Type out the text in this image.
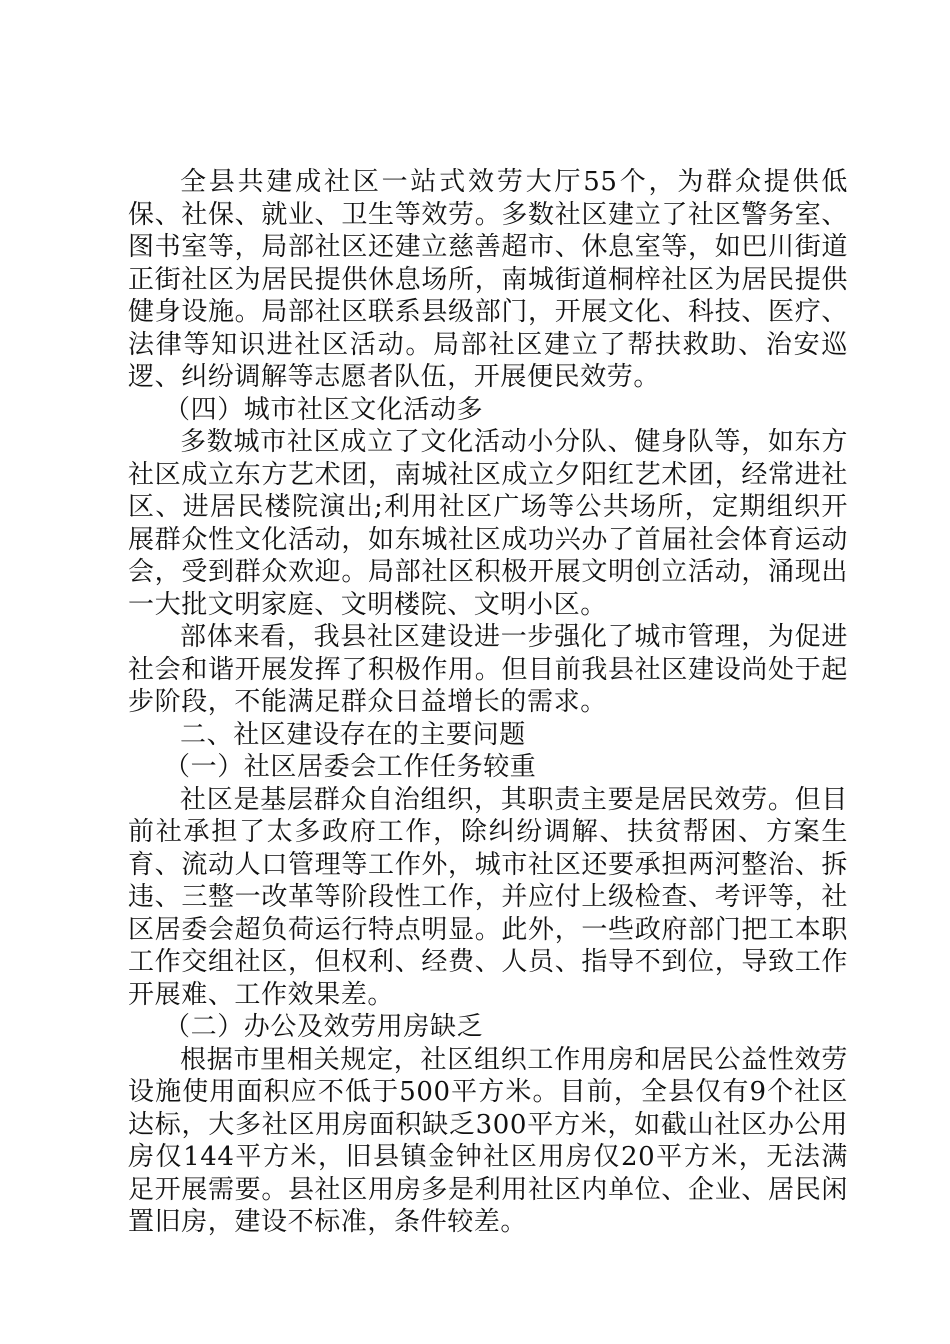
全县共建成社区一站式效劳大厅55个，为群众提供低保、社保、就业、卫生等效劳。多数社区建立了社区警务室、图书室等，局部社区还建立慈善超市、休息室等，如巴川街道正街社区为居民提供休息场所，南城街道桐梓社区为居民提供健身设施。局部社区联系县级部门，开展文化、科技、医疗、法律等知识进社区活动。局部社区建立了帮扶救助、治安巡逻、纠纷调解等志愿者队伍，开展便民效劳。

（四）城市社区文化活动多

多数城市社区成立了文化活动小分队、健身队等，如东方社区成立东方艺术团，南城社区成立夕阳红艺术团，经常进社区、进居民楼院演出;利用社区广场等公共场所，定期组织开展群众性文化活动，如东城社区成功兴办了首届社会体育运动会，受到群众欢迎。局部社区积极开展文明创立活动，涌现出一大批文明家庭、文明楼院、文明小区。

部体来看，我县社区建设进一步强化了城市管理，为促进社会和谐开展发挥了积极作用。但目前我县社区建设尚处于起步阶段，不能满足群众日益增长的需求。

二、社区建设存在的主要问题

（一）社区居委会工作任务较重

社区是基层群众自治组织，其职责主要是居民效劳。但目前社承担了太多政府工作，除纠纷调解、扶贫帮困、方案生育、流动人口管理等工作外，城市社区还要承担两河整治、拆违、三整一改革等阶段性工作，并应付上级检查、考评等，社区居委会超负荷运行特点明显。此外，一些政府部门把工本职工作交组社区，但权利、经费、人员、指导不到位，导致工作开展难、工作效果差。

（二）办公及效劳用房缺乏

根据市里相关规定，社区组织工作用房和居民公益性效劳设施使用面积应不低于500平方米。目前，全县仅有9个社区达标，大多社区用房面积缺乏300平方米，如截山社区办公用房仅144平方米，旧县镇金钟社区用房仅20平方米，无法满足开展需要。县社区用房多是利用社区内单位、企业、居民闲置旧房，建设不标准，条件较差。
